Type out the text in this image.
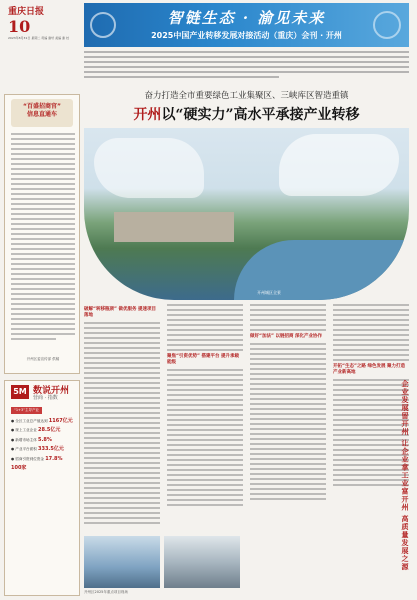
重庆日报
10
2023年8月31日 星期二 责编 谢轩 美编 谢 校
智链生态 · 渝见未来
2025中国产业转移发展对接活动（重庆）会刊 · 开州
奋力打造全市重要绿色工业集聚区、三峡库区智造重镇
开州以“硬实力”高水平承接产业转移
开州城区全景
“百盛招商官”
信息直通车
开州区委宣传部 供稿
5M 数说开州
营商 · 指数
“1+3”主导产业
● 全区工业总产值达到 1167亿元
● 规上工业企业 28.5亿元
● 新增市场主体 5.8%
● 产业平台面积 333.5亿元
● 招商引资到位资金 17.8%
100家
破解“转移瓶颈” 做优服务 提速项目落地
聚焦“引资优势” 搭建平台 提升承载能级
做好“加法” 以链招商 深化产业协作
开拓“生态”之路 绿色发展 聚力打造产业新高地
开州区2025年重点项目现场
企业发展留开州 让企业拿工业富开州 高质量发展之源
